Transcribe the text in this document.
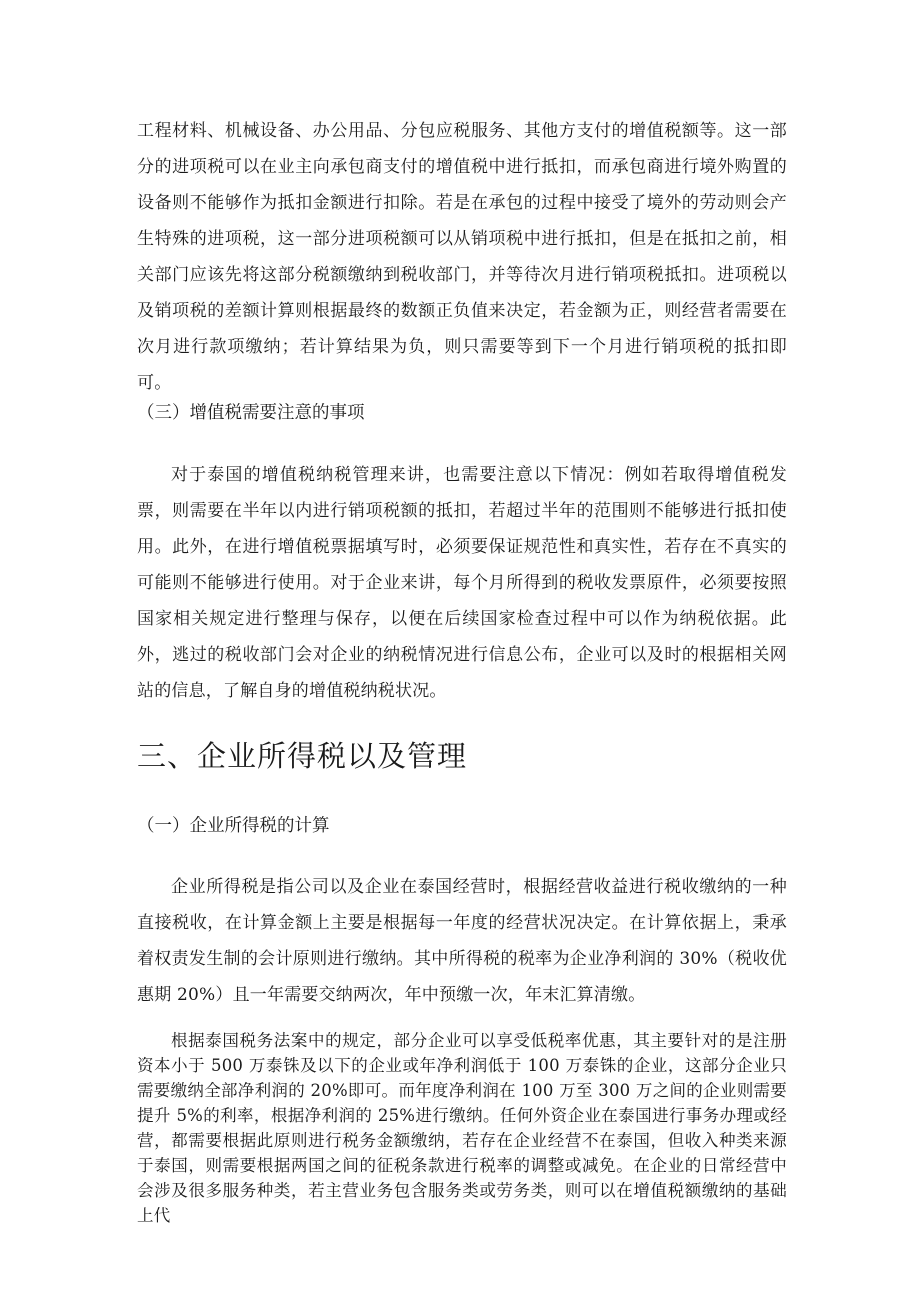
工程材料、机械设备、办公用品、分包应税服务、其他方支付的增值税额等。这一部分的进项税可以在业主向承包商支付的增值税中进行抵扣，而承包商进行境外购置的设备则不能够作为抵扣金额进行扣除。若是在承包的过程中接受了境外的劳动则会产生特殊的进项税，这一部分进项税额可以从销项税中进行抵扣，但是在抵扣之前，相关部门应该先将这部分税额缴纳到税收部门，并等待次月进行销项税抵扣。进项税以及销项税的差额计算则根据最终的数额正负值来决定，若金额为正，则经营者需要在次月进行款项缴纳；若计算结果为负，则只需要等到下一个月进行销项税的抵扣即可。

（三）增值税需要注意的事项

对于泰国的增值税纳税管理来讲，也需要注意以下情况：例如若取得增值税发票，则需要在半年以内进行销项税额的抵扣，若超过半年的范围则不能够进行抵扣使用。此外，在进行增值税票据填写时，必须要保证规范性和真实性，若存在不真实的可能则不能够进行使用。对于企业来讲，每个月所得到的税收发票原件，必须要按照国家相关规定进行整理与保存，以便在后续国家检查过程中可以作为纳税依据。此外，逃过的税收部门会对企业的纳税情况进行信息公布，企业可以及时的根据相关网站的信息，了解自身的增值税纳税状况。

三、企业所得税以及管理
（一）企业所得税的计算

企业所得税是指公司以及企业在泰国经营时，根据经营收益进行税收缴纳的一种直接税收，在计算金额上主要是根据每一年度的经营状况决定。在计算依据上，秉承着权责发生制的会计原则进行缴纳。其中所得税的税率为企业净利润的 30%（税收优惠期 20%）且一年需要交纳两次，年中预缴一次，年末汇算清缴。

根据泰国税务法案中的规定，部分企业可以享受低税率优惠，其主要针对的是注册资本小于 500 万泰铢及以下的企业或年净利润低于 100 万泰铢的企业，这部分企业只需要缴纳全部净利润的 20%即可。而年度净利润在 100 万至 300 万之间的企业则需要提升 5%的利率，根据净利润的 25%进行缴纳。任何外资企业在泰国进行事务办理或经营，都需要根据此原则进行税务金额缴纳，若存在企业经营不在泰国，但收入种类来源于泰国，则需要根据两国之间的征税条款进行税率的调整或减免。在企业的日常经营中会涉及很多服务种类，若主营业务包含服务类或劳务类，则可以在增值税额缴纳的基础上代
